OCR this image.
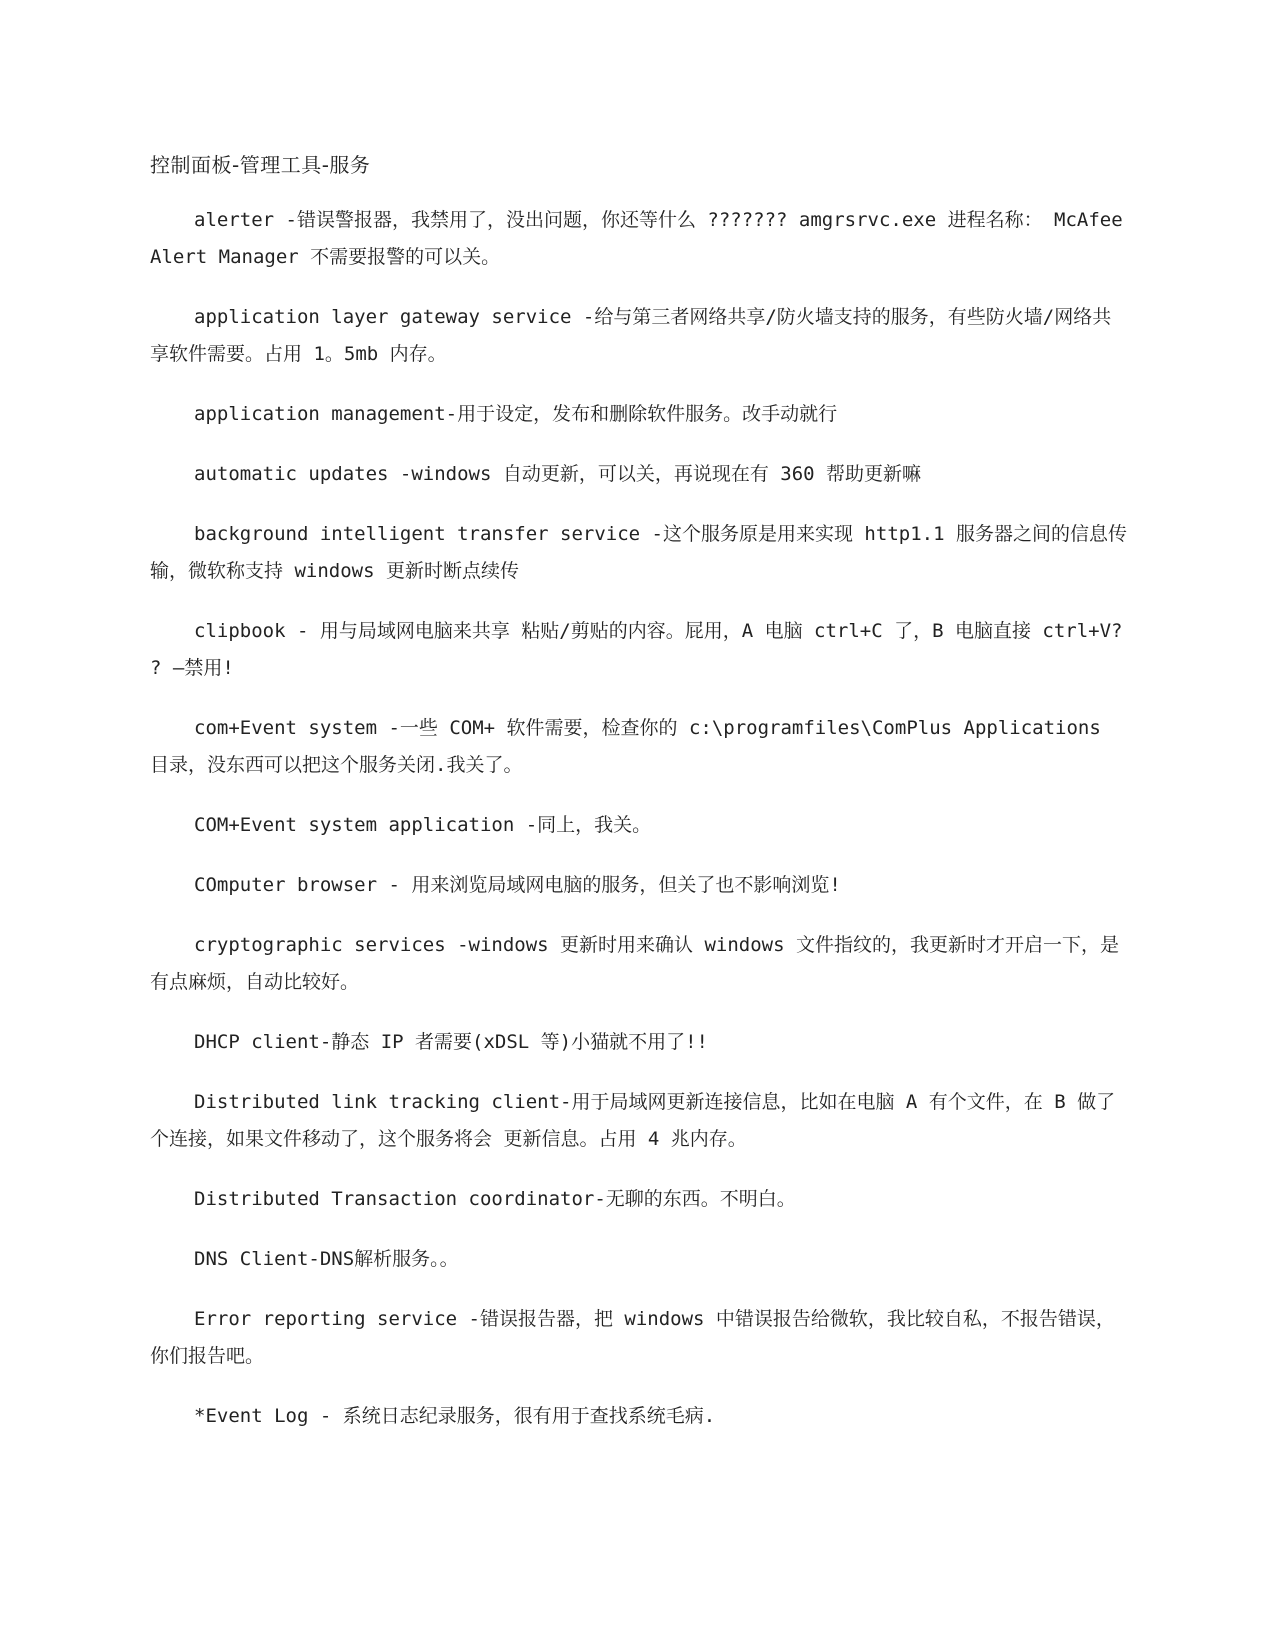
控制面板-管理工具-服务

alerter -错误警报器，我禁用了，没出问题，你还等什么 ??????? amgrsrvc.exe 进程名称： McAfee Alert Manager 不需要报警的可以关。

application layer gateway service -给与第三者网络共享/防火墙支持的服务，有些防火墙/网络共享软件需要。占用 1。5mb 内存。

application management-用于设定，发布和删除软件服务。改手动就行

automatic updates -windows 自动更新，可以关，再说现在有 360 帮助更新嘛

background intelligent transfer service -这个服务原是用来实现 http1.1 服务器之间的信息传输，微软称支持 windows 更新时断点续传

clipbook - 用与局域网电脑来共享 粘贴/剪贴的内容。屁用，A 电脑 ctrl+C 了，B 电脑直接 ctrl+V? ? —禁用!

com+Event system -一些 COM+ 软件需要，检查你的 c:\programfiles\ComPlus Applications 目录，没东西可以把这个服务关闭.我关了。

COM+Event system application -同上，我关。

COmputer browser - 用来浏览局域网电脑的服务，但关了也不影响浏览!

cryptographic services -windows 更新时用来确认 windows 文件指纹的，我更新时才开启一下，是有点麻烦，自动比较好。

DHCP client-静态 IP 者需要(xDSL 等)小猫就不用了!!

Distributed link tracking client-用于局域网更新连接信息，比如在电脑 A 有个文件，在 B 做了个连接，如果文件移动了，这个服务将会 更新信息。占用 4 兆内存。

Distributed Transaction coordinator-无聊的东西。不明白。

DNS Client-DNS解析服务。。

Error reporting service -错误报告器，把 windows 中错误报告给微软，我比较自私，不报告错误，你们报告吧。

*Event Log - 系统日志纪录服务，很有用于查找系统毛病.
